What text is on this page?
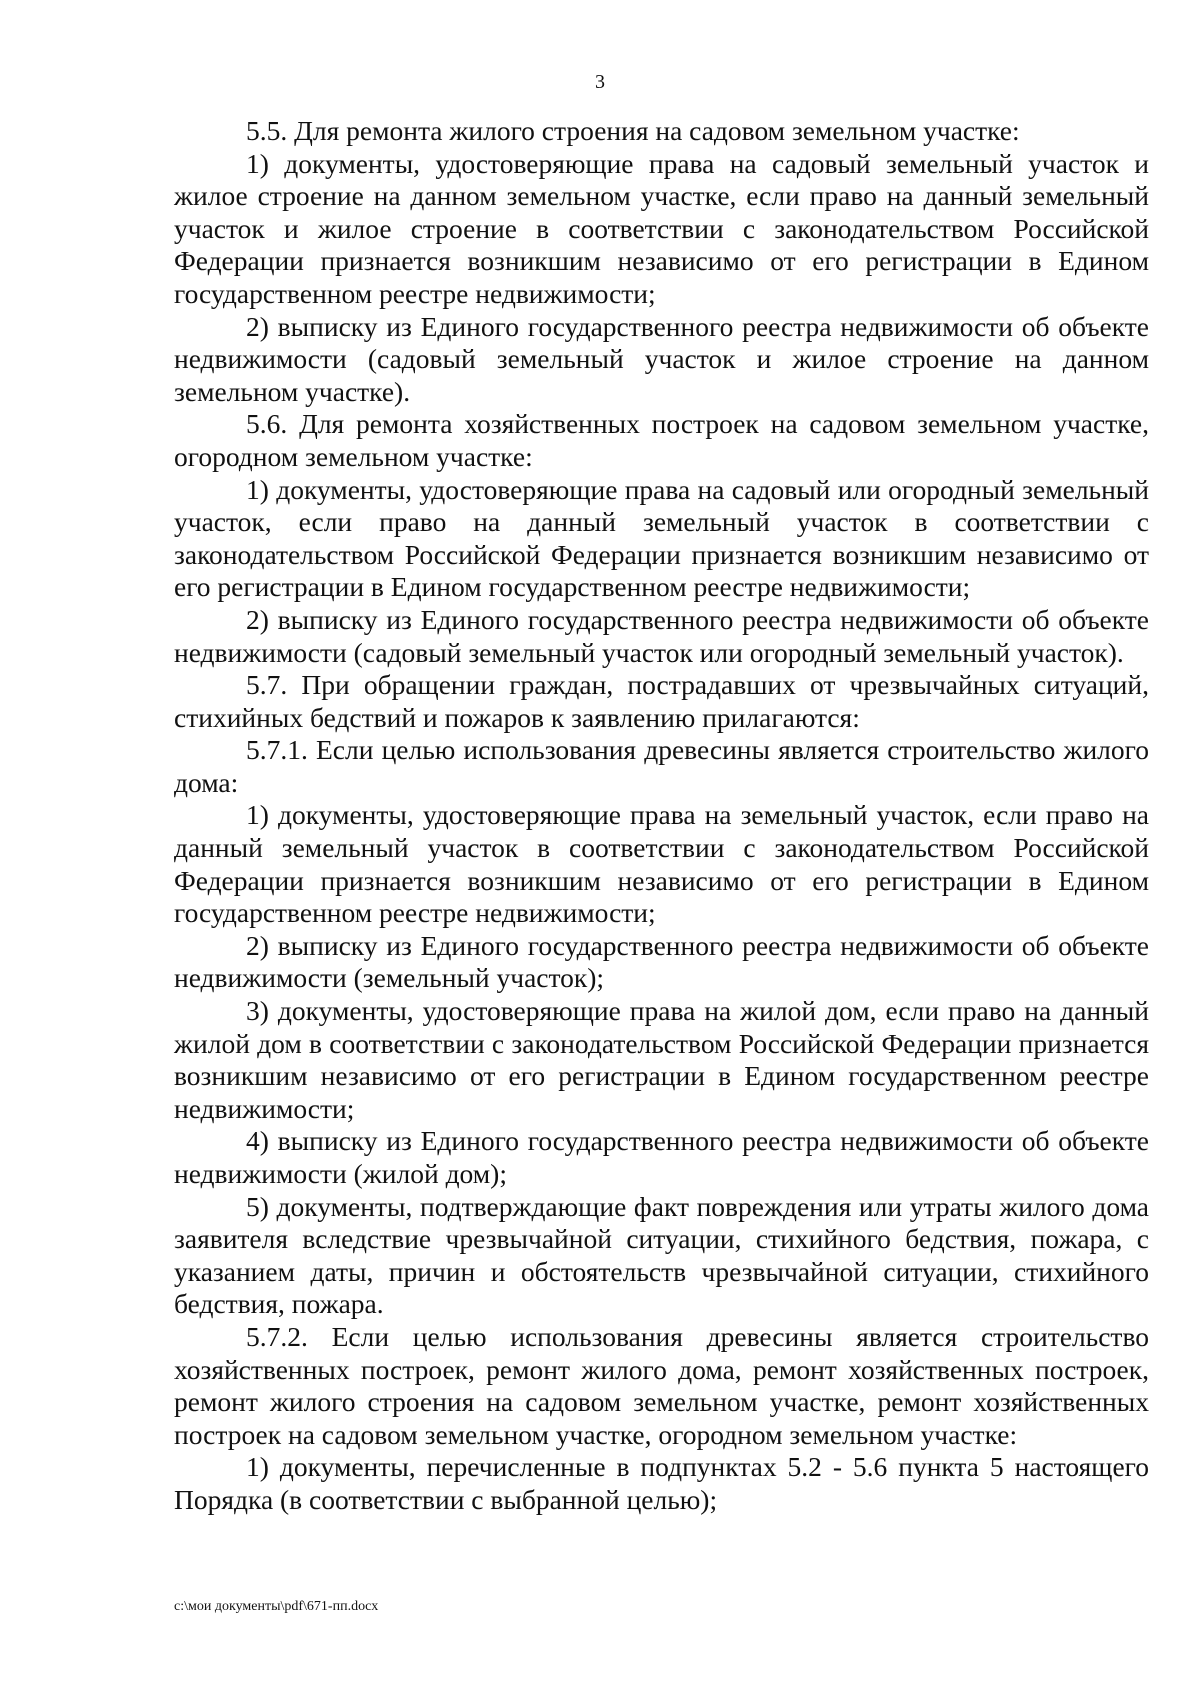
3

5.5. Для ремонта жилого строения на садовом земельном участке:

1) документы, удостоверяющие права на садовый земельный участок и жилое строение на данном земельном участке, если право на данный земельный участок и жилое строение в соответствии с законодательством Российской Федерации признается возникшим независимо от его регистрации в Едином государственном реестре недвижимости;

2) выписку из Единого государственного реестра недвижимости об объекте недвижимости (садовый земельный участок и жилое строение на данном земельном участке).

5.6. Для ремонта хозяйственных построек на садовом земельном участке, огородном земельном участке:

1) документы, удостоверяющие права на садовый или огородный земельный участок, если право на данный земельный участок в соответствии с законодательством Российской Федерации признается возникшим независимо от его регистрации в Едином государственном реестре недвижимости;

2) выписку из Единого государственного реестра недвижимости об объекте недвижимости (садовый земельный участок или огородный земельный участок).

5.7. При обращении граждан, пострадавших от чрезвычайных ситуаций, стихийных бедствий и пожаров к заявлению прилагаются:

5.7.1. Если целью использования древесины является строительство жилого дома:

1) документы, удостоверяющие права на земельный участок, если право на данный земельный участок в соответствии с законодательством Российской Федерации признается возникшим независимо от его регистрации в Едином государственном реестре недвижимости;

2) выписку из Единого государственного реестра недвижимости об объекте недвижимости (земельный участок);

3) документы, удостоверяющие права на жилой дом, если право на данный жилой дом в соответствии с законодательством Российской Федерации признается возникшим независимо от его регистрации в Едином государственном реестре недвижимости;

4) выписку из Единого государственного реестра недвижимости об объекте недвижимости (жилой дом);

5) документы, подтверждающие факт повреждения или утраты жилого дома заявителя вследствие чрезвычайной ситуации, стихийного бедствия, пожара, с указанием даты, причин и обстоятельств чрезвычайной ситуации, стихийного бедствия, пожара.

5.7.2. Если целью использования древесины является строительство хозяйственных построек, ремонт жилого дома, ремонт хозяйственных построек, ремонт жилого строения на садовом земельном участке, ремонт хозяйственных построек на садовом земельном участке, огородном земельном участке:

1) документы, перечисленные в подпунктах 5.2 - 5.6 пункта 5 настоящего Порядка (в соответствии с выбранной целью);

c:\мои документы\pdf\671-пп.docx
